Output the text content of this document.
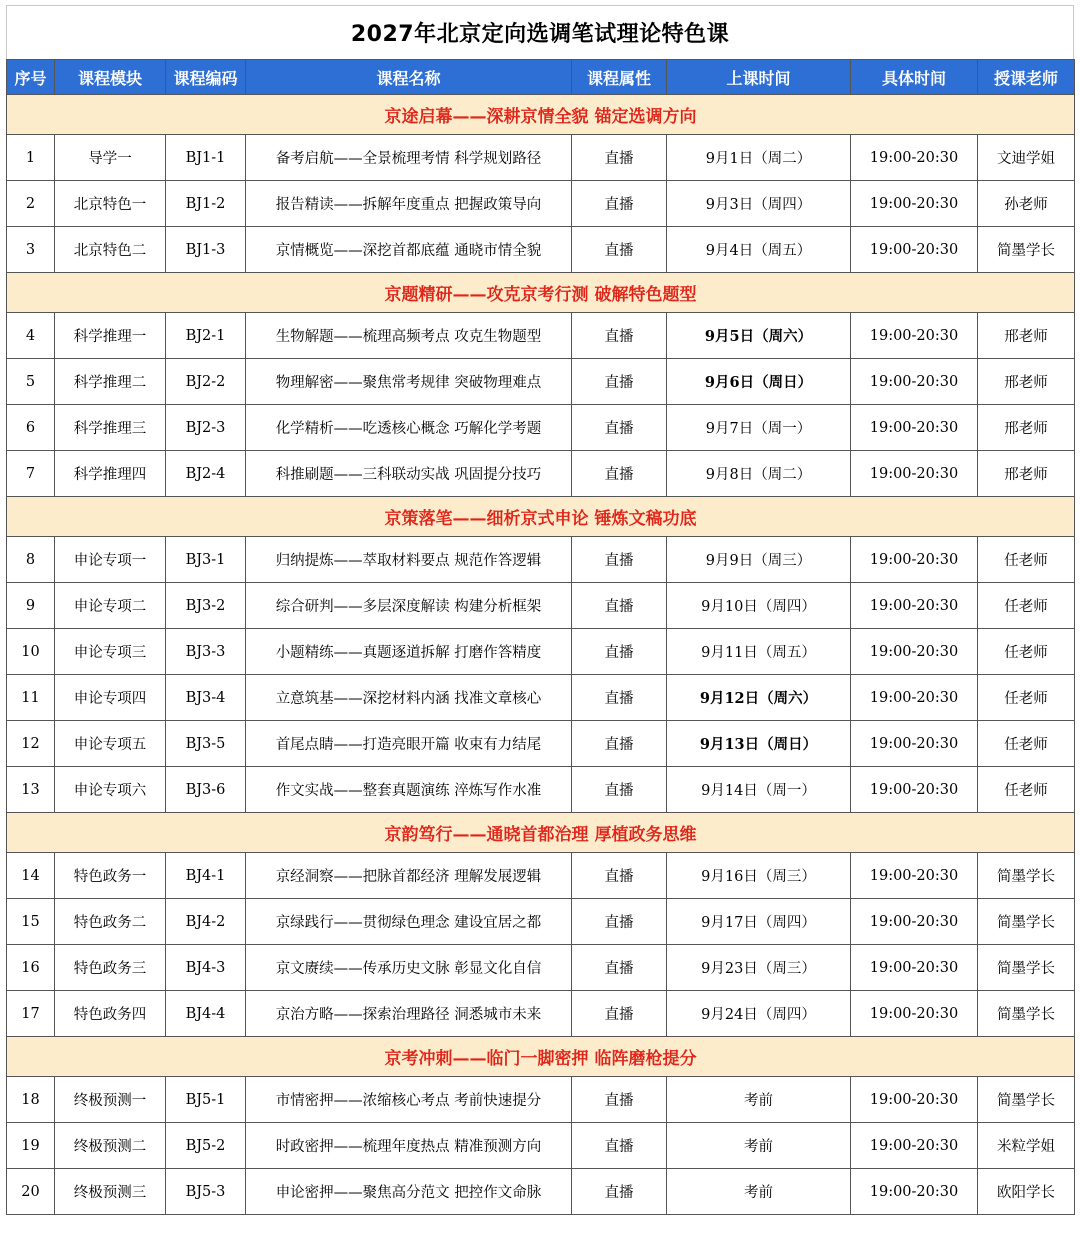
2027年北京定向选调笔试理论特色课
序号	课程模块	课程编码	课程名称	课程属性	上课时间	具体时间	授课老师
京途启幕——深耕京情全貌 锚定选调方向							
1	导学一	BJ1-1	备考启航——全景梳理考情 科学规划路径	直播	9月1日（周二）	19:00-20:30	文迪学姐
2	北京特色一	BJ1-2	报告精读——拆解年度重点 把握政策导向	直播	9月3日（周四）	19:00-20:30	孙老师
3	北京特色二	BJ1-3	京情概览——深挖首都底蕴 通晓市情全貌	直播	9月4日（周五）	19:00-20:30	简墨学长
京题精研——攻克京考行测 破解特色题型							
4	科学推理一	BJ2-1	生物解题——梳理高频考点 攻克生物题型	直播	9月5日（周六）	19:00-20:30	邢老师
5	科学推理二	BJ2-2	物理解密——聚焦常考规律 突破物理难点	直播	9月6日（周日）	19:00-20:30	邢老师
6	科学推理三	BJ2-3	化学精析——吃透核心概念 巧解化学考题	直播	9月7日（周一）	19:00-20:30	邢老师
7	科学推理四	BJ2-4	科推刷题——三科联动实战 巩固提分技巧	直播	9月8日（周二）	19:00-20:30	邢老师
京策落笔——细析京式申论 锤炼文稿功底							
8	申论专项一	BJ3-1	归纳提炼——萃取材料要点 规范作答逻辑	直播	9月9日（周三）	19:00-20:30	任老师
9	申论专项二	BJ3-2	综合研判——多层深度解读 构建分析框架	直播	9月10日（周四）	19:00-20:30	任老师
10	申论专项三	BJ3-3	小题精练——真题逐道拆解 打磨作答精度	直播	9月11日（周五）	19:00-20:30	任老师
11	申论专项四	BJ3-4	立意筑基——深挖材料内涵 找准文章核心	直播	9月12日（周六）	19:00-20:30	任老师
12	申论专项五	BJ3-5	首尾点睛——打造亮眼开篇 收束有力结尾	直播	9月13日（周日）	19:00-20:30	任老师
13	申论专项六	BJ3-6	作文实战——整套真题演练 淬炼写作水准	直播	9月14日（周一）	19:00-20:30	任老师
京韵笃行——通晓首都治理 厚植政务思维							
14	特色政务一	BJ4-1	京经洞察——把脉首都经济 理解发展逻辑	直播	9月16日（周三）	19:00-20:30	简墨学长
15	特色政务二	BJ4-2	京绿践行——贯彻绿色理念 建设宜居之都	直播	9月17日（周四）	19:00-20:30	简墨学长
16	特色政务三	BJ4-3	京文赓续——传承历史文脉 彰显文化自信	直播	9月23日（周三）	19:00-20:30	简墨学长
17	特色政务四	BJ4-4	京治方略——探索治理路径 洞悉城市未来	直播	9月24日（周四）	19:00-20:30	简墨学长
京考冲刺——临门一脚密押 临阵磨枪提分							
18	终极预测一	BJ5-1	市情密押——浓缩核心考点 考前快速提分	直播	考前	19:00-20:30	简墨学长
19	终极预测二	BJ5-2	时政密押——梳理年度热点 精准预测方向	直播	考前	19:00-20:30	米粒学姐
20	终极预测三	BJ5-3	申论密押——聚焦高分范文 把控作文命脉	直播	考前	19:00-20:30	欧阳学长
